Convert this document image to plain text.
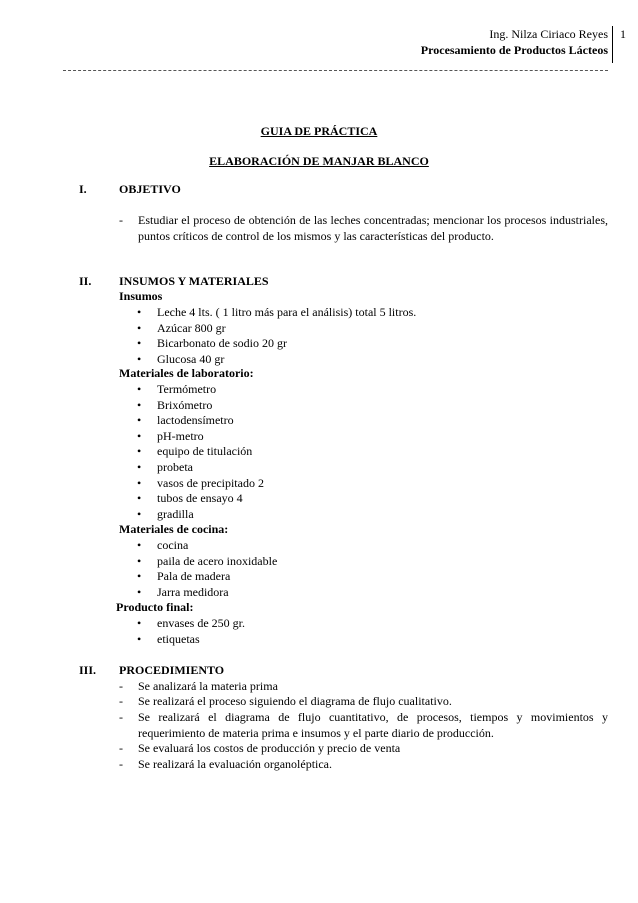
Ing. Nilza Ciriaco Reyes
Procesamiento de Productos Lácteos
1
GUIA DE PRÁCTICA
ELABORACIÓN DE MANJAR BLANCO
I.	OBJETIVO
- Estudiar el proceso de obtención de las leches concentradas; mencionar los procesos industriales, puntos críticos de control de los mismos y las características del producto.
II. INSUMOS Y MATERIALES
Insumos
• Leche 4 lts. ( 1 litro más para el análisis) total 5 litros.
• Azúcar 800 gr
• Bicarbonato de sodio 20 gr
• Glucosa 40 gr
Materiales de laboratorio:
• Termómetro
• Brixómetro
• lactodensímetro
• pH-metro
• equipo de titulación
• probeta
• vasos de precipitado 2
• tubos de ensayo 4
• gradilla
Materiales de cocina:
• cocina
• paila de acero inoxidable
• Pala de madera
• Jarra medidora
Producto final:
• envases de 250 gr.
• etiquetas
III. PROCEDIMIENTO
- Se analizará la materia prima
- Se realizará el proceso siguiendo el diagrama de flujo cualitativo.
- Se realizará el diagrama de flujo cuantitativo, de procesos, tiempos y movimientos y requerimiento de materia prima e insumos y el parte diario de producción.
- Se evaluará los costos de producción y precio de venta
- Se realizará la evaluación organoléptica.
